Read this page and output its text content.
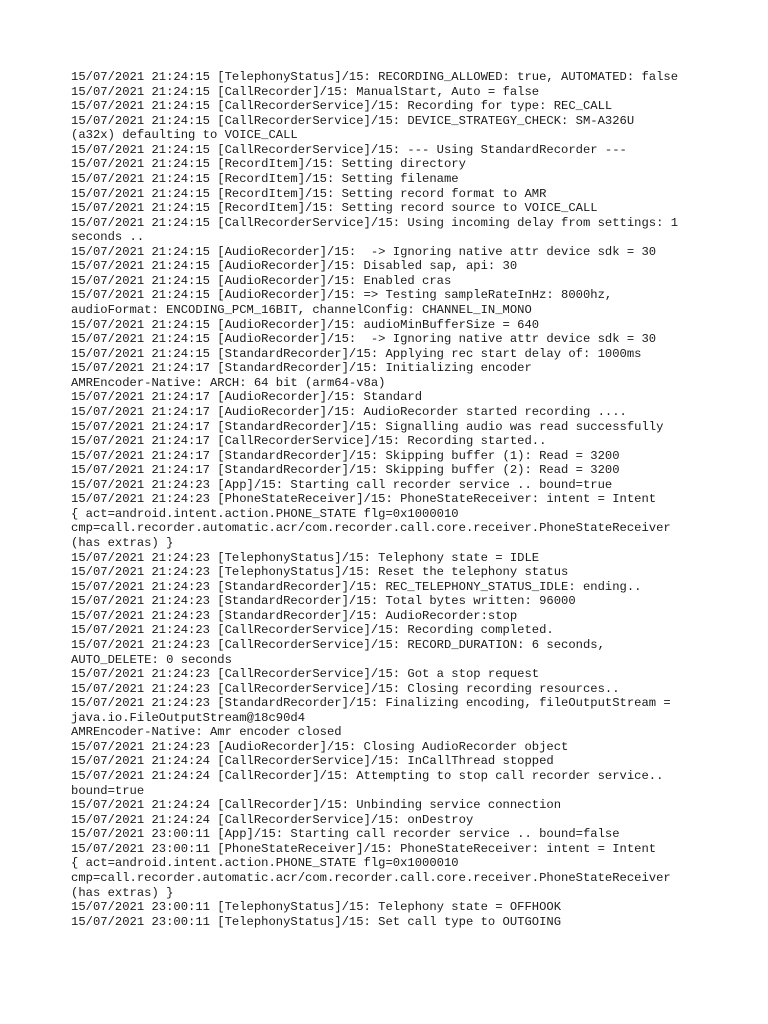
15/07/2021 21:24:15 [TelephonyStatus]/15: RECORDING_ALLOWED: true, AUTOMATED: false
15/07/2021 21:24:15 [CallRecorder]/15: ManualStart, Auto = false
15/07/2021 21:24:15 [CallRecorderService]/15: Recording for type: REC_CALL
15/07/2021 21:24:15 [CallRecorderService]/15: DEVICE_STRATEGY_CHECK: SM-A326U
(a32x) defaulting to VOICE_CALL
15/07/2021 21:24:15 [CallRecorderService]/15: --- Using StandardRecorder ---
15/07/2021 21:24:15 [RecordItem]/15: Setting directory
15/07/2021 21:24:15 [RecordItem]/15: Setting filename
15/07/2021 21:24:15 [RecordItem]/15: Setting record format to AMR
15/07/2021 21:24:15 [RecordItem]/15: Setting record source to VOICE_CALL
15/07/2021 21:24:15 [CallRecorderService]/15: Using incoming delay from settings: 1
seconds ..
15/07/2021 21:24:15 [AudioRecorder]/15:  -> Ignoring native attr device sdk = 30
15/07/2021 21:24:15 [AudioRecorder]/15: Disabled sap, api: 30
15/07/2021 21:24:15 [AudioRecorder]/15: Enabled cras
15/07/2021 21:24:15 [AudioRecorder]/15: => Testing sampleRateInHz: 8000hz,
audioFormat: ENCODING_PCM_16BIT, channelConfig: CHANNEL_IN_MONO
15/07/2021 21:24:15 [AudioRecorder]/15: audioMinBufferSize = 640
15/07/2021 21:24:15 [AudioRecorder]/15:  -> Ignoring native attr device sdk = 30
15/07/2021 21:24:15 [StandardRecorder]/15: Applying rec start delay of: 1000ms
15/07/2021 21:24:17 [StandardRecorder]/15: Initializing encoder
AMREncoder-Native: ARCH: 64 bit (arm64-v8a)
15/07/2021 21:24:17 [AudioRecorder]/15: Standard
15/07/2021 21:24:17 [AudioRecorder]/15: AudioRecorder started recording ....
15/07/2021 21:24:17 [StandardRecorder]/15: Signalling audio was read successfully
15/07/2021 21:24:17 [CallRecorderService]/15: Recording started..
15/07/2021 21:24:17 [StandardRecorder]/15: Skipping buffer (1): Read = 3200
15/07/2021 21:24:17 [StandardRecorder]/15: Skipping buffer (2): Read = 3200
15/07/2021 21:24:23 [App]/15: Starting call recorder service .. bound=true
15/07/2021 21:24:23 [PhoneStateReceiver]/15: PhoneStateReceiver: intent = Intent
{ act=android.intent.action.PHONE_STATE flg=0x1000010
cmp=call.recorder.automatic.acr/com.recorder.call.core.receiver.PhoneStateReceiver
(has extras) }
15/07/2021 21:24:23 [TelephonyStatus]/15: Telephony state = IDLE
15/07/2021 21:24:23 [TelephonyStatus]/15: Reset the telephony status
15/07/2021 21:24:23 [StandardRecorder]/15: REC_TELEPHONY_STATUS_IDLE: ending..
15/07/2021 21:24:23 [StandardRecorder]/15: Total bytes written: 96000
15/07/2021 21:24:23 [StandardRecorder]/15: AudioRecorder:stop
15/07/2021 21:24:23 [CallRecorderService]/15: Recording completed.
15/07/2021 21:24:23 [CallRecorderService]/15: RECORD_DURATION: 6 seconds,
AUTO_DELETE: 0 seconds
15/07/2021 21:24:23 [CallRecorderService]/15: Got a stop request
15/07/2021 21:24:23 [CallRecorderService]/15: Closing recording resources..
15/07/2021 21:24:23 [StandardRecorder]/15: Finalizing encoding, fileOutputStream =
java.io.FileOutputStream@18c90d4
AMREncoder-Native: Amr encoder closed
15/07/2021 21:24:23 [AudioRecorder]/15: Closing AudioRecorder object
15/07/2021 21:24:24 [CallRecorderService]/15: InCallThread stopped
15/07/2021 21:24:24 [CallRecorder]/15: Attempting to stop call recorder service..
bound=true
15/07/2021 21:24:24 [CallRecorder]/15: Unbinding service connection
15/07/2021 21:24:24 [CallRecorderService]/15: onDestroy
15/07/2021 23:00:11 [App]/15: Starting call recorder service .. bound=false
15/07/2021 23:00:11 [PhoneStateReceiver]/15: PhoneStateReceiver: intent = Intent
{ act=android.intent.action.PHONE_STATE flg=0x1000010
cmp=call.recorder.automatic.acr/com.recorder.call.core.receiver.PhoneStateReceiver
(has extras) }
15/07/2021 23:00:11 [TelephonyStatus]/15: Telephony state = OFFHOOK
15/07/2021 23:00:11 [TelephonyStatus]/15: Set call type to OUTGOING
